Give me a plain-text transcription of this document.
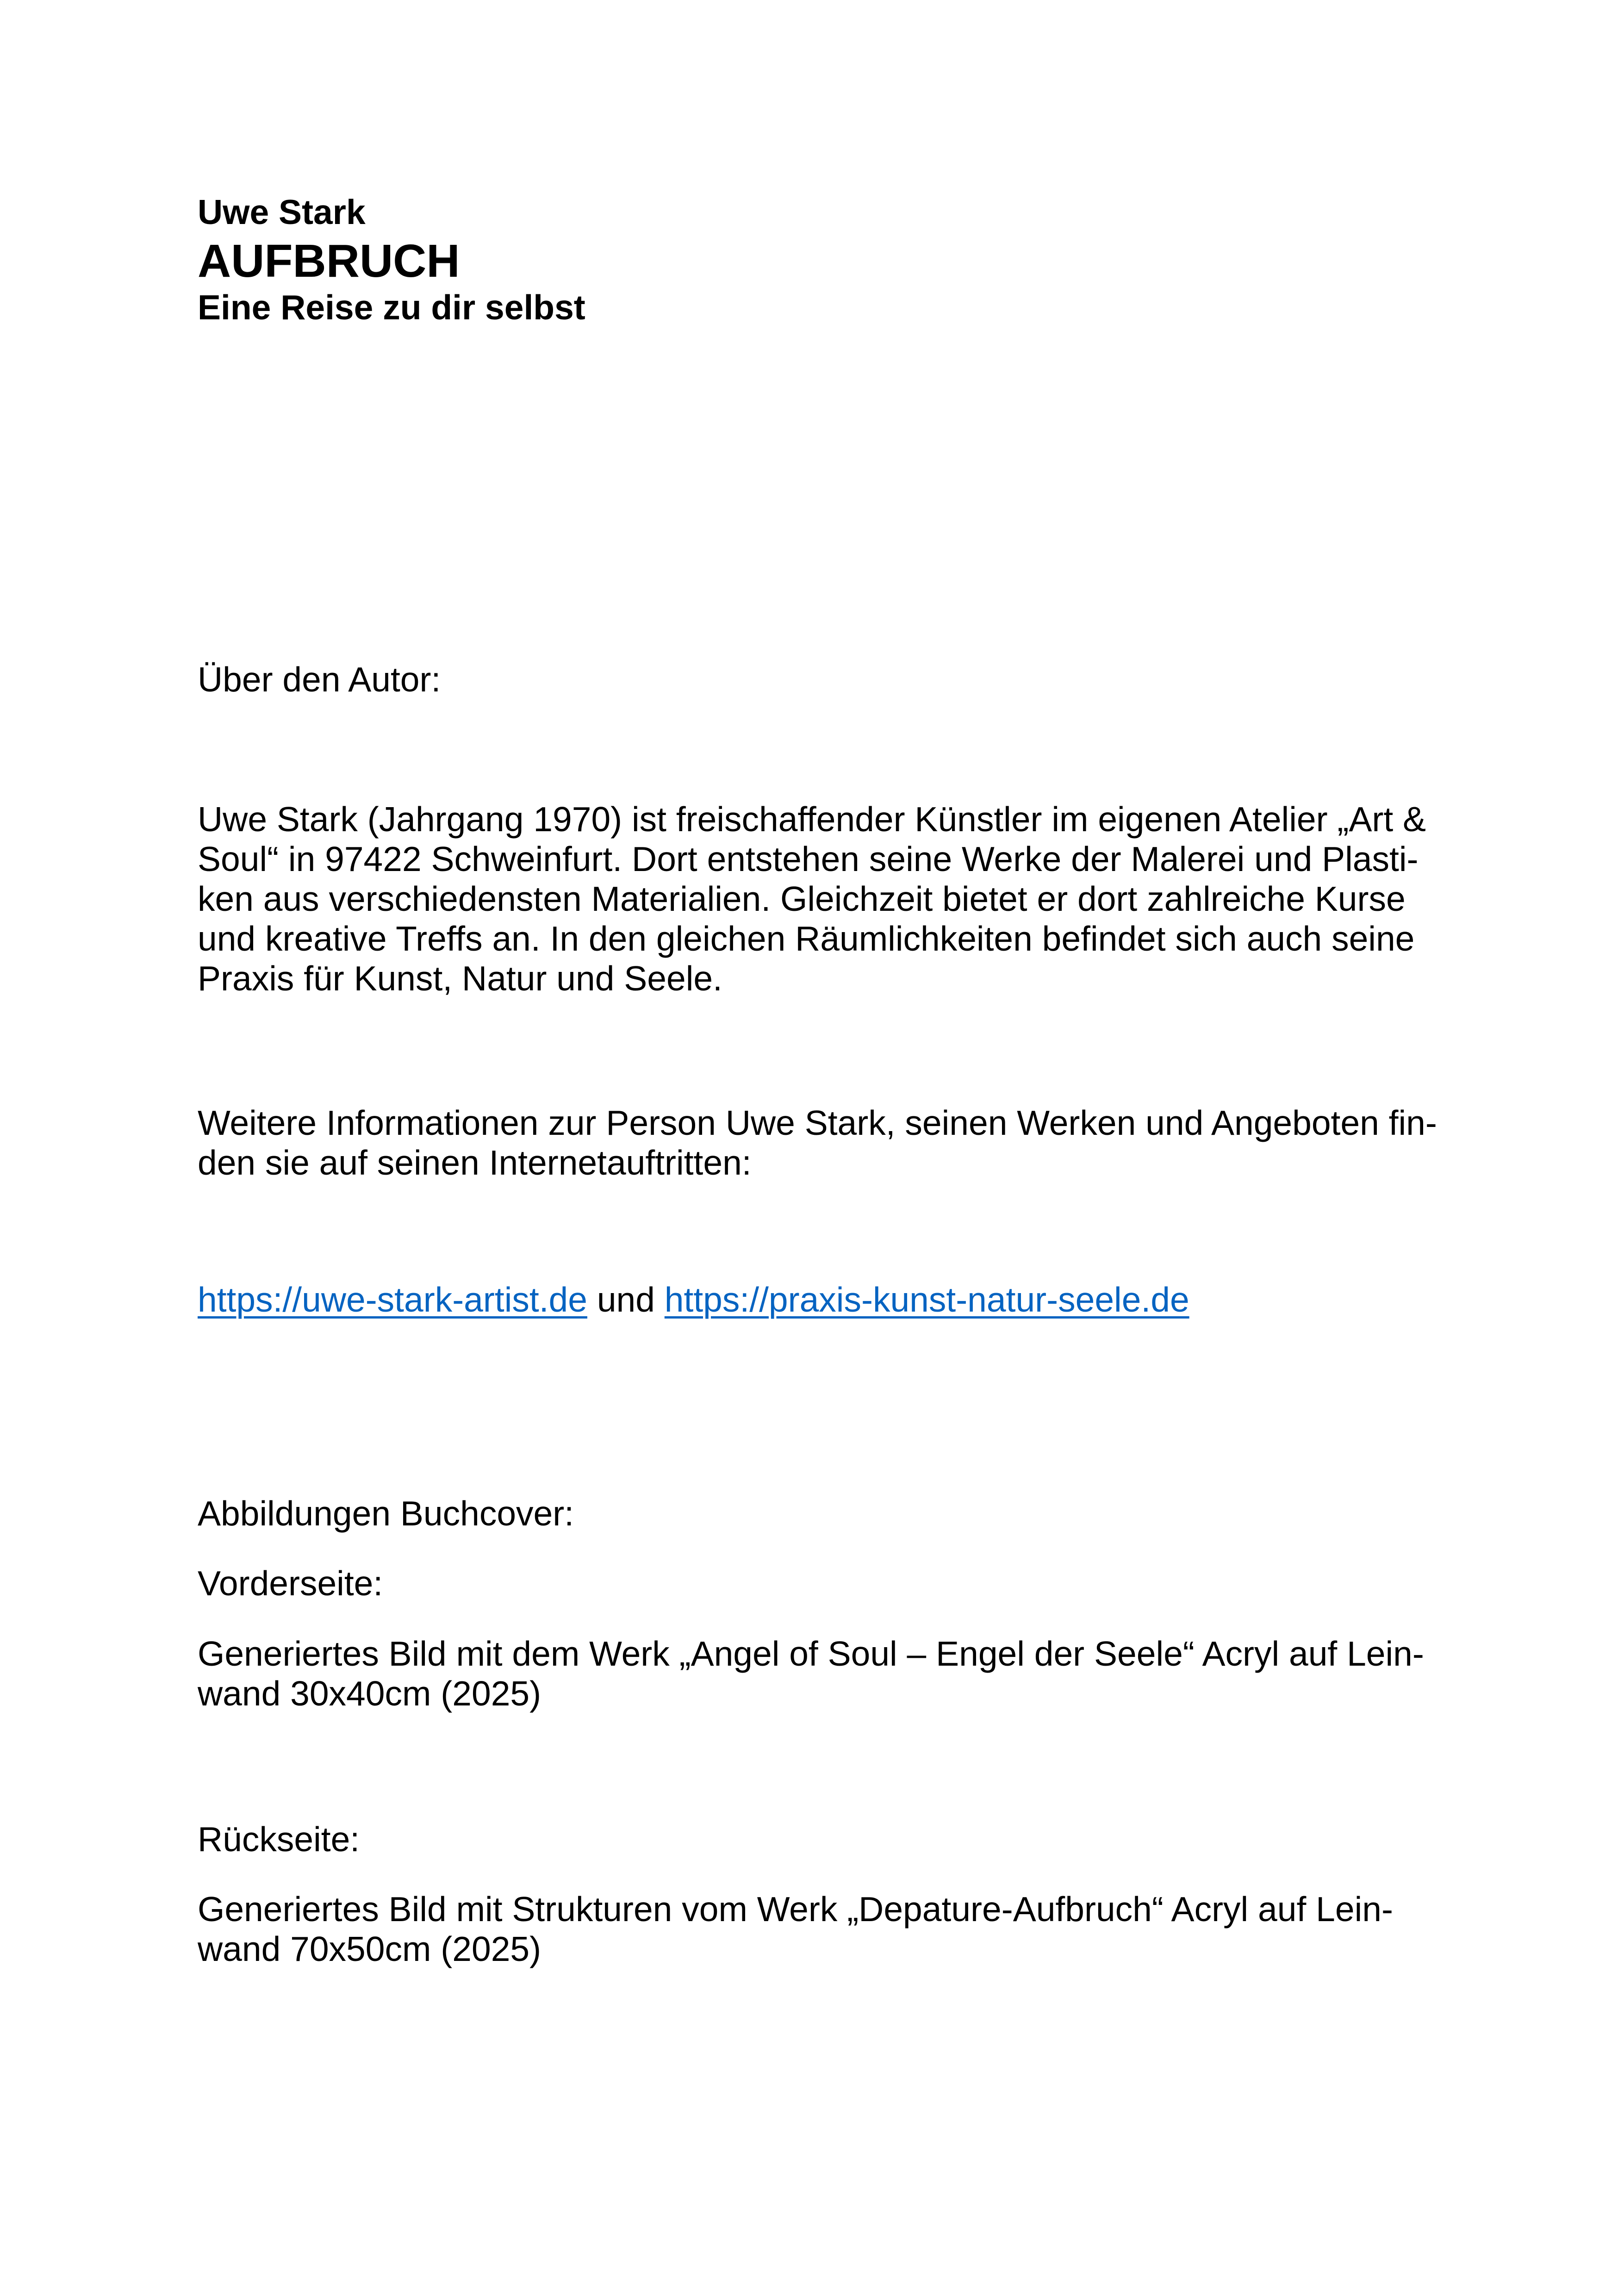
Uwe Stark
AUFBRUCH
Eine Reise zu dir selbst
Über den Autor:
Uwe Stark (Jahrgang 1970) ist freischaffender Künstler im eigenen Atelier „Art &
Soul“ in 97422 Schweinfurt. Dort entstehen seine Werke der Malerei und Plasti-
ken aus verschiedensten Materialien. Gleichzeit bietet er dort zahlreiche Kurse
und kreative Treffs an. In den gleichen Räumlichkeiten befindet sich auch seine
Praxis für Kunst, Natur und Seele.
Weitere Informationen zur Person Uwe Stark, seinen Werken und Angeboten fin-
den sie auf seinen Internetauftritten:
https://uwe-stark-artist.de und https://praxis-kunst-natur-seele.de
Abbildungen Buchcover:
Vorderseite:
Generiertes Bild mit dem Werk „Angel of Soul – Engel der Seele“ Acryl auf Lein-
wand 30x40cm (2025)
Rückseite:
Generiertes Bild mit Strukturen vom Werk „Depature-Aufbruch“ Acryl auf Lein-
wand 70x50cm (2025)
